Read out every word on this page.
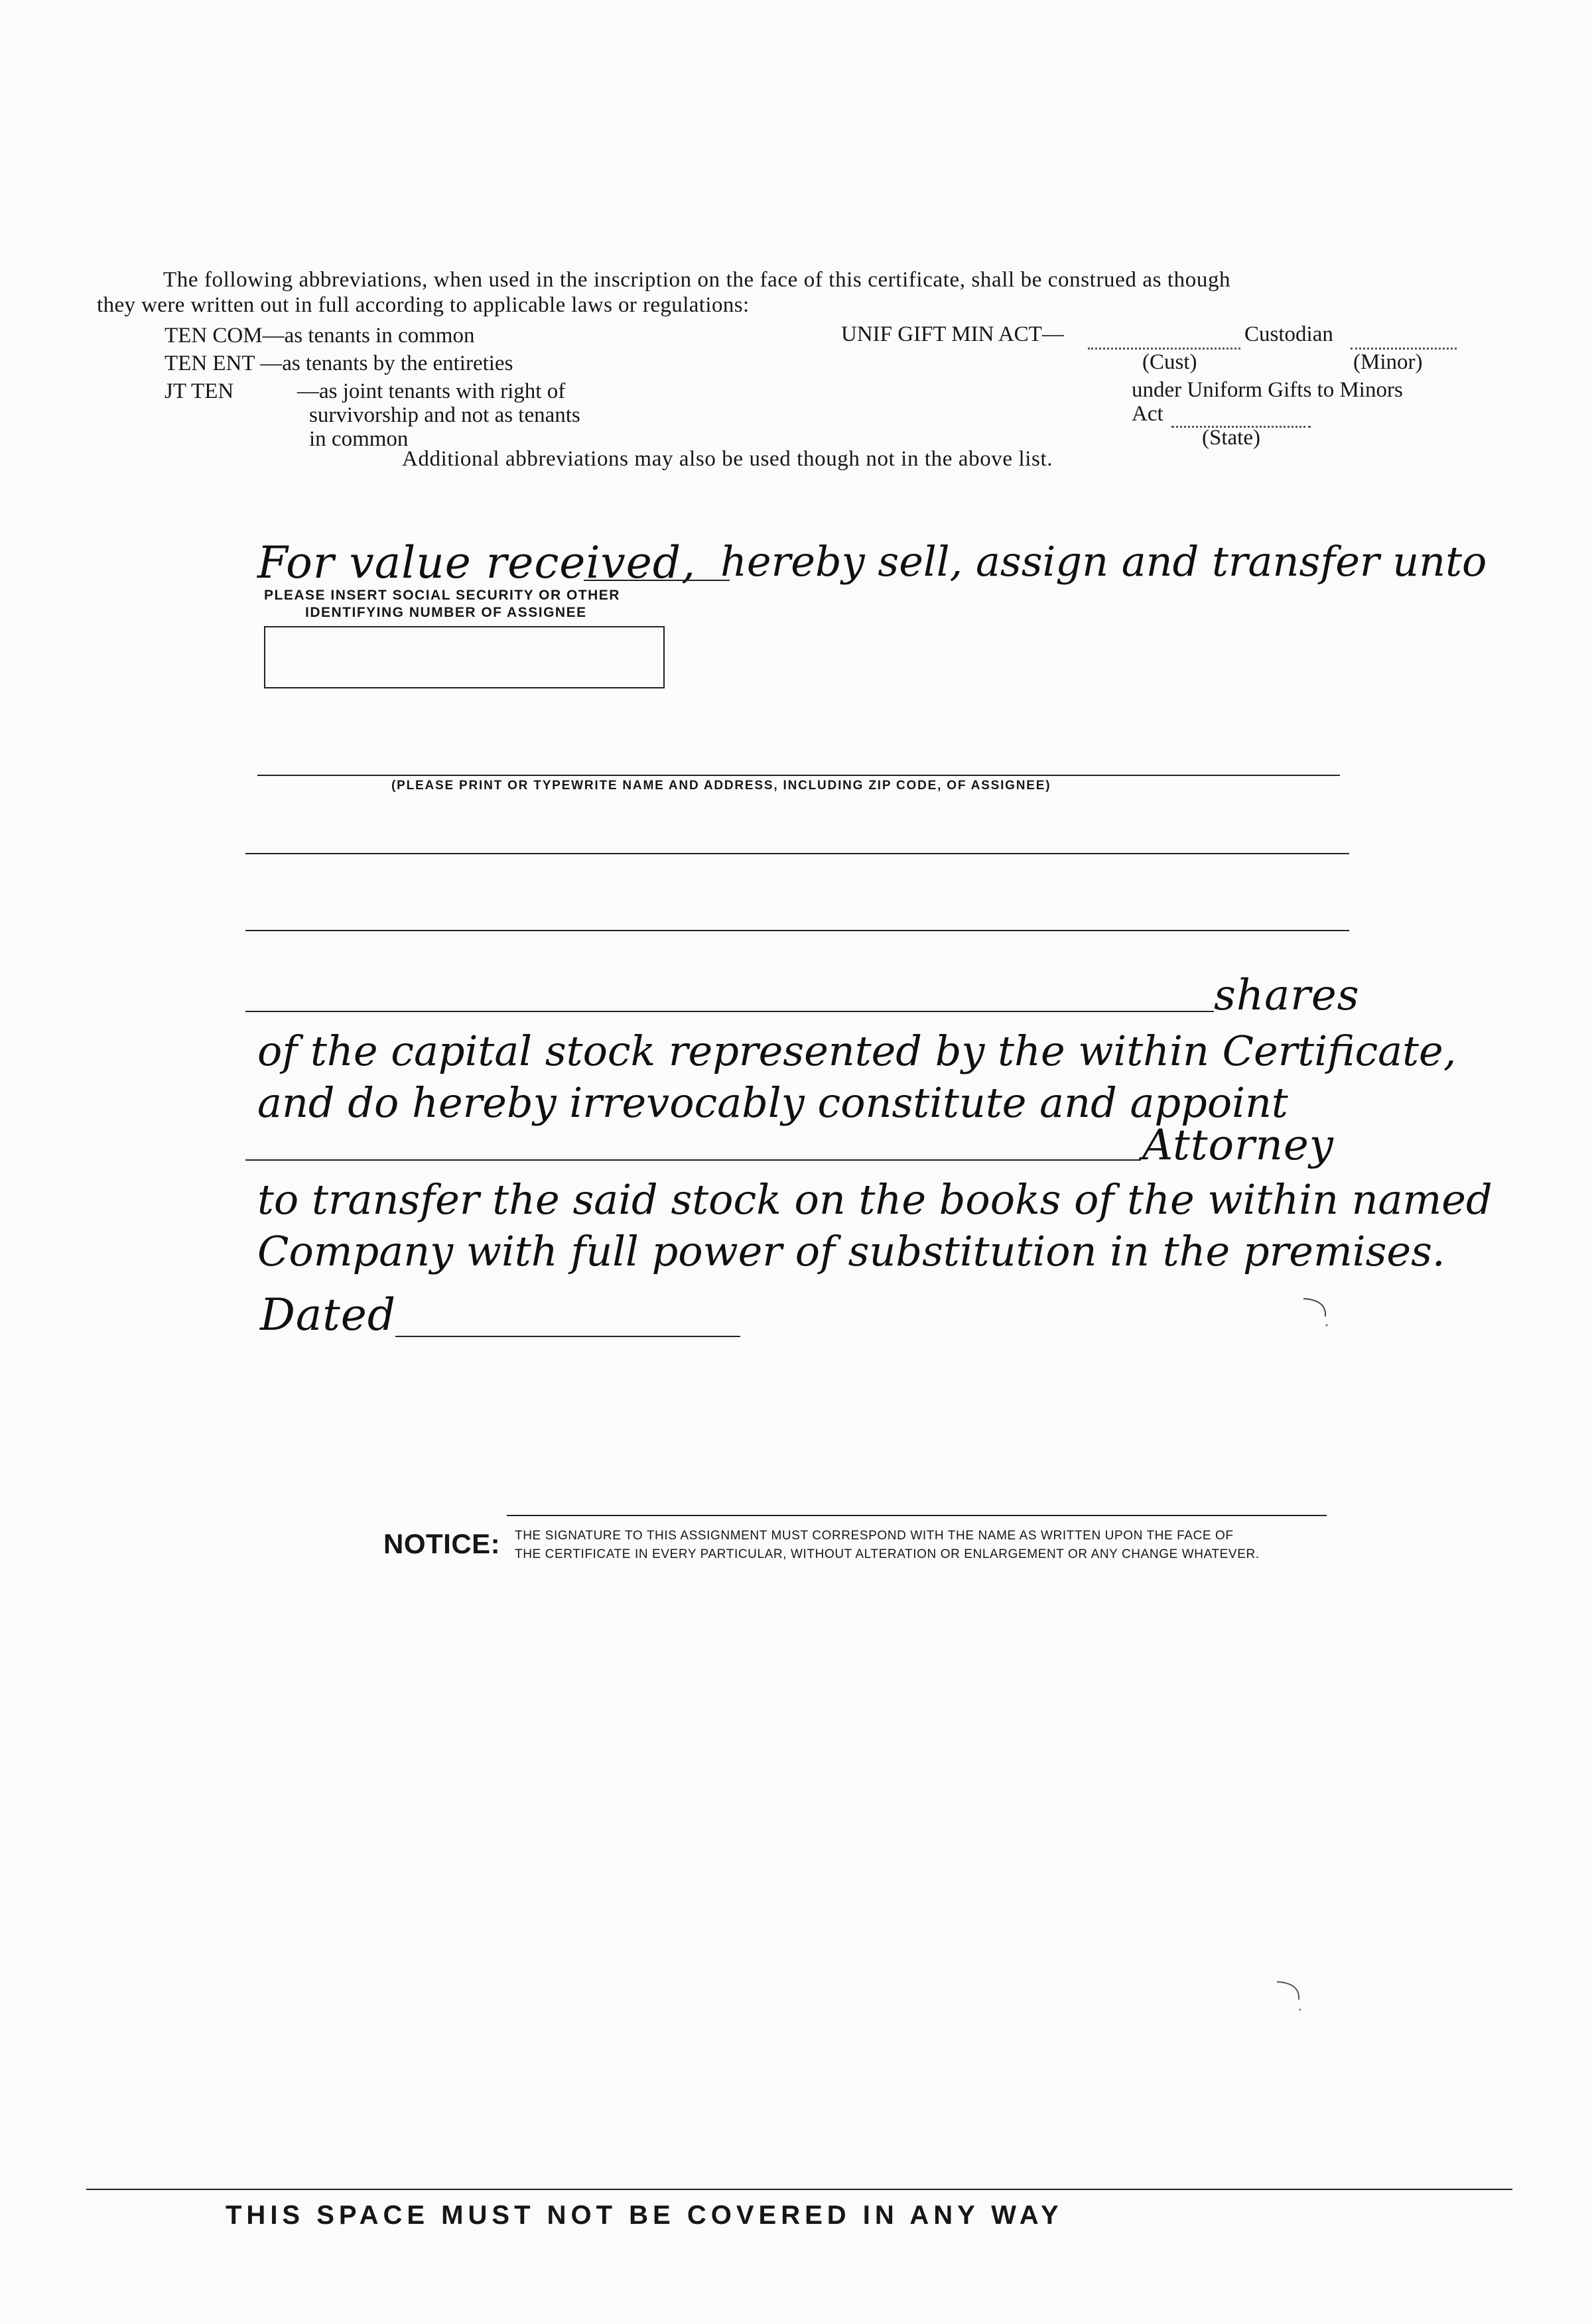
The following abbreviations, when used in the inscription on the face of this certificate, shall be construed as though
they were written out in full according to applicable laws or regulations:
TEN COM—as tenants in common
TEN ENT —as tenants by the entireties
JT TEN	—as joint tenants with right of
survivorship and not as tenants
in common
UNIF GIFT MIN ACT—	Custodian
(Cust)	(Minor)
under Uniform Gifts to Minors
Act
(State)
Additional abbreviations may also be used though not in the above list.
For value received, hereby sell, assign and transfer unto
PLEASE INSERT SOCIAL SECURITY OR OTHER
IDENTIFYING NUMBER OF ASSIGNEE
(PLEASE PRINT OR TYPEWRITE NAME AND ADDRESS, INCLUDING ZIP CODE, OF ASSIGNEE)
shares
of the capital stock represented by the within Certificate,
and do hereby irrevocably constitute and appoint
Attorney
to transfer the said stock on the books of the within named
Company with full power of substitution in the premises.
Dated
NOTICE: THE SIGNATURE TO THIS ASSIGNMENT MUST CORRESPOND WITH THE NAME AS WRITTEN UPON THE FACE OF
THE CERTIFICATE IN EVERY PARTICULAR, WITHOUT ALTERATION OR ENLARGEMENT OR ANY CHANGE WHATEVER.
THIS SPACE MUST NOT BE COVERED IN ANY WAY
